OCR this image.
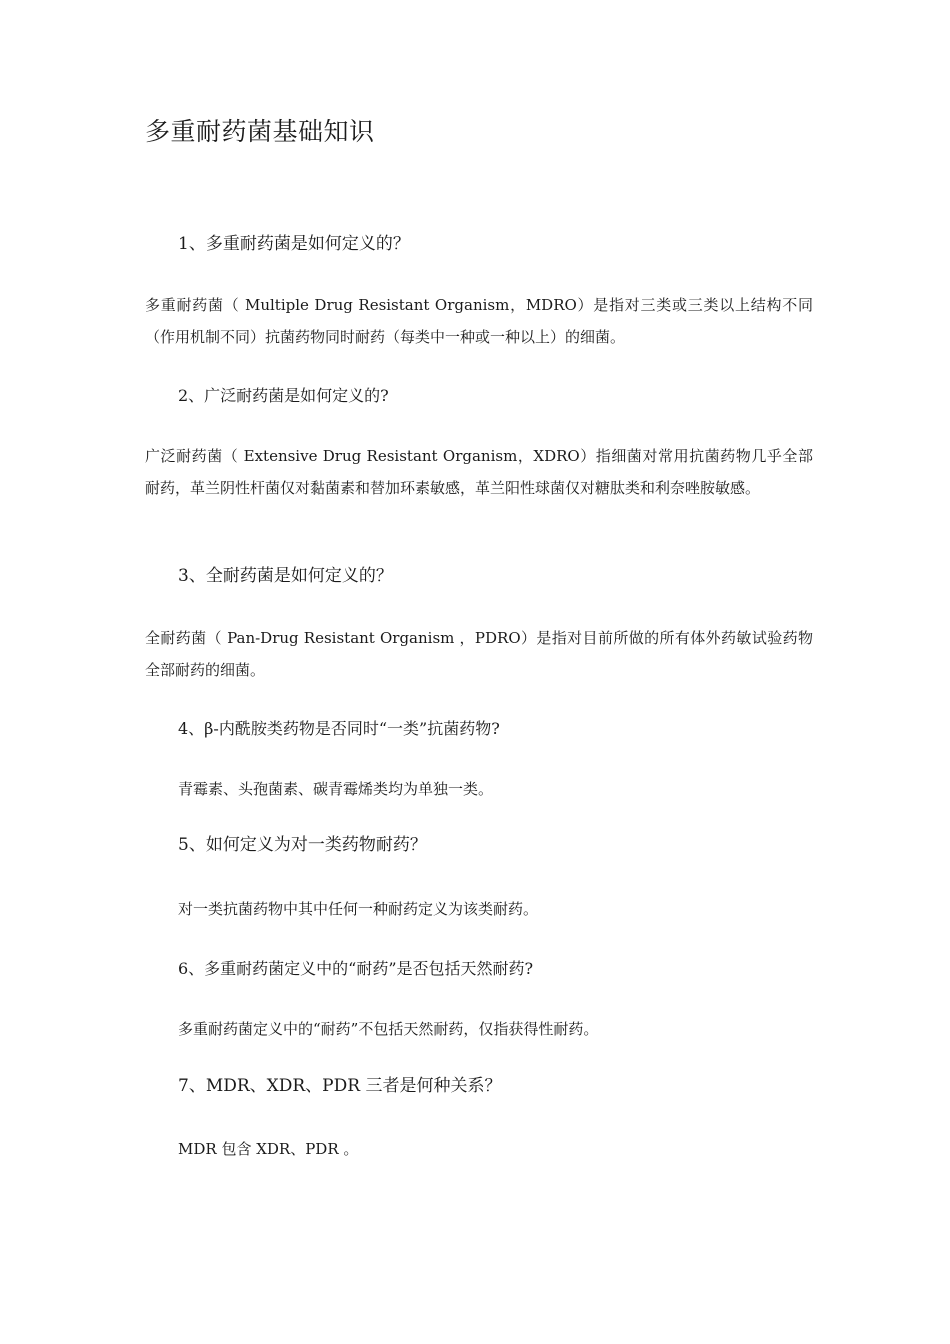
多重耐药菌基础知识
1、多重耐药菌是如何定义的？
多重耐药菌（ Multiple Drug Resistant Organism，MDRO）是指对三类或三类以上结构不同（作用机制不同）抗菌药物同时耐药（每类中一种或一种以上）的细菌。
2、广泛耐药菌是如何定义的?
广泛耐药菌（ Extensive Drug Resistant Organism，XDRO）指细菌对常用抗菌药物几乎全部耐药，革兰阴性杆菌仅对黏菌素和替加环素敏感，革兰阳性球菌仅对糖肽类和利奈唑胺敏感。
3、全耐药菌是如何定义的？
全耐药菌（ Pan-Drug Resistant Organism ，PDRO）是指对目前所做的所有体外药敏试验药物全部耐药的细菌。
4、β-内酰胺类药物是否同时“一类”抗菌药物?
青霉素、头孢菌素、碳青霉烯类均为单独一类。
5、如何定义为对一类药物耐药？
对一类抗菌药物中其中任何一种耐药定义为该类耐药。
6、多重耐药菌定义中的“耐药”是否包括天然耐药?
多重耐药菌定义中的“耐药”不包括天然耐药，仅指获得性耐药。
7、MDR、XDR、PDR 三者是何种关系？
MDR 包含 XDR、PDR 。
